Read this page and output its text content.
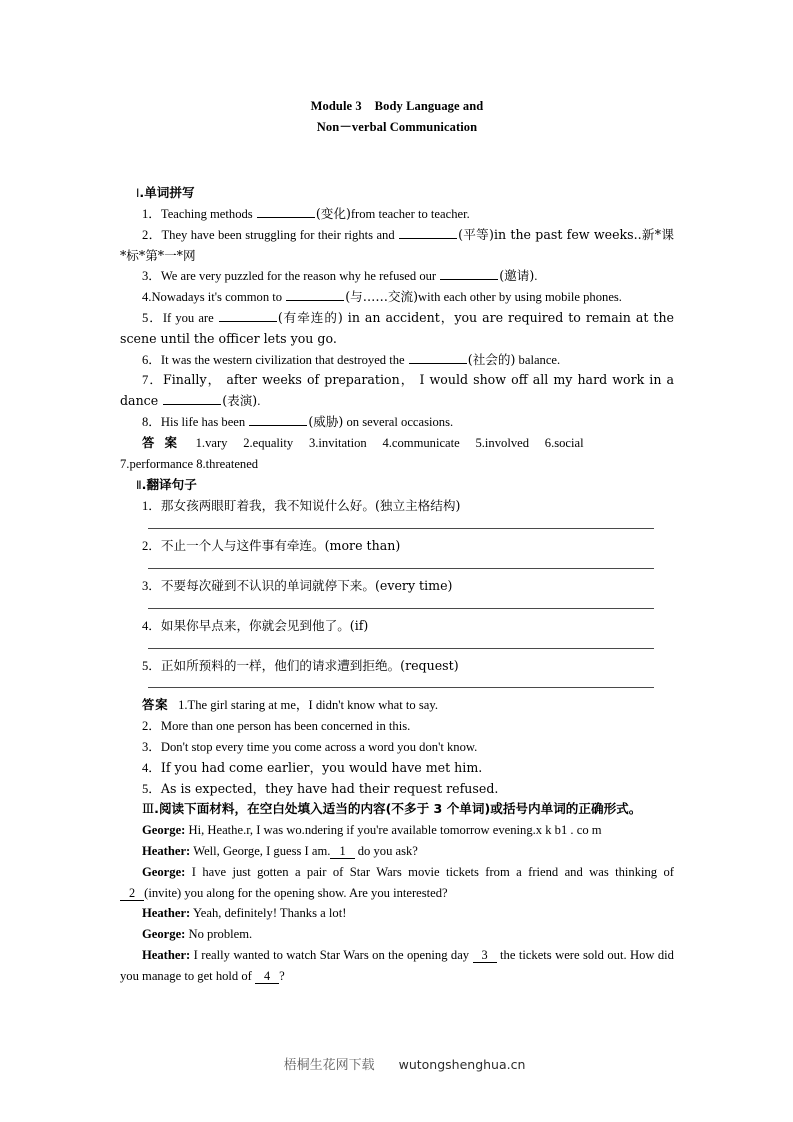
Module 3    Body Language and
Non－verbal Communication
Ⅰ.单词拼写

1．Teaching methods	(变化)from teacher to teacher.

2．They have been struggling for their rights and	(平等)in the past few weeks..新*课*标*第*一*网

3．We are very puzzled for the reason why he refused our	(邀请).

4.Nowadays it's common to	(与……交流)with each other by using mobile phones.

5．If you are	(有牵连的) in an accident，you are required to remain at the scene until the officer lets you go.

6．It was the western civilization that destroyed the	(社会的) balance.

7．Finally， after weeks of preparation， I would show off all my hard work in a dance	(表演).

8．His life has been	(威胁) on several occasions.

答 案 1.vary 2.equality 3.invitation 4.communicate 5.involved 6.social

7.performance 8.threatened

Ⅱ.翻译句子

1．那女孩两眼盯着我，我不知说什么好。(独立主格结构)

2．不止一个人与这件事有牵连。(more than)

3．不要每次碰到不认识的单词就停下来。(every time)

4．如果你早点来，你就会见到他了。(if)

5．正如所预料的一样，他们的请求遭到拒绝。(request)

答案 1.The girl staring at me，I didn't know what to say.

2．More than one person has been concerned in this.

3．Don't stop every time you come across a word you don't know.

4．If you had come earlier，you would have met him.

5．As is expected，they have had their request refused.

Ⅲ.阅读下面材料，在空白处填入适当的内容(不多于 3 个单词)或括号内单词的正确形式。

George: Hi, Heathe.r, I was wo.ndering if you're available tomorrow evening.x k b1 . co m

Heather: Well, George, I guess I am. 1 do you ask?

George: I have just gotten a pair of Star Wars movie tickets from a friend and was thinking of 2 (invite) you along for the opening show. Are you interested?

Heather: Yeah, definitely! Thanks a lot!

George: No problem.

Heather: I really wanted to watch Star Wars on the opening day 3 the tickets were sold out. How did you manage to get hold of 4 ?

梧桐生花网下载 wutongshenghua.cn
